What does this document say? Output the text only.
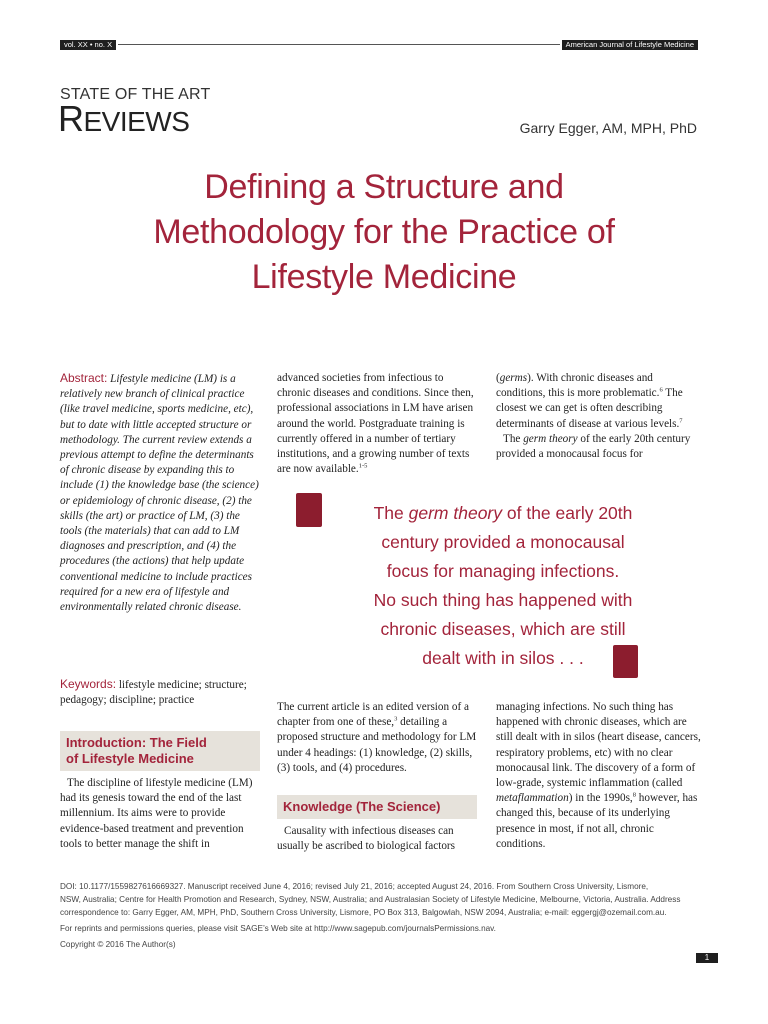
vol. XX • no. X	American Journal of Lifestyle Medicine
STATE OF THE ART
REVIEWS	Garry Egger, AM, MPH, PhD
Defining a Structure and
Methodology for the Practice of
Lifestyle Medicine
Abstract: Lifestyle medicine (LM) is a relatively new branch of clinical practice (like travel medicine, sports medicine, etc), but to date with little accepted structure or methodology. The current review extends a previous attempt to define the determinants of chronic disease by expanding this to include (1) the knowledge base (the science) or epidemiology of chronic disease, (2) the skills (the art) or practice of LM, (3) the tools (the materials) that can add to LM diagnoses and prescription, and (4) the procedures (the actions) that help update conventional medicine to include practices required for a new era of lifestyle and environmentally related chronic disease.
Keywords: lifestyle medicine; structure; pedagogy; discipline; practice
Introduction: The Field
of Lifestyle Medicine
The discipline of lifestyle medicine (LM) had its genesis toward the end of the last millennium. Its aims were to provide evidence-based treatment and prevention tools to better manage the shift in
advanced societies from infectious to chronic diseases and conditions. Since then, professional associations in LM have arisen around the world. Postgraduate training is currently offered in a number of tertiary institutions, and a growing number of texts are now available.$^{1-5}$
(germs). With chronic diseases and conditions, this is more problematic.$^6$ The closest we can get is often describing determinants of disease at various levels.$^7$
The germ theory of the early 20th century provided a monocausal focus for
The germ theory of the early 20th
century provided a monocausal
focus for managing infections.
No such thing has happened with
chronic diseases, which are still
dealt with in silos . . .
The current article is an edited version of a chapter from one of these,$^3$ detailing a proposed structure and methodology for LM under 4 headings: (1) knowledge, (2) skills, (3) tools, and (4) procedures.
Knowledge (The Science)
Causality with infectious diseases can usually be ascribed to biological factors
managing infections. No such thing has happened with chronic diseases, which are still dealt with in silos (heart disease, cancers, respiratory problems, etc) with no clear monocausal link. The discovery of a form of low-grade, systemic inflammation (called metaflammation) in the 1990s,$^8$ however, has changed this, because of its underlying presence in most, if not all, chronic conditions.
DOI: 10.1177/1559827616669327. Manuscript received June 4, 2016; revised July 21, 2016; accepted August 24, 2016. From Southern Cross University, Lismore,
NSW, Australia; Centre for Health Promotion and Research, Sydney, NSW, Australia; and Australasian Society of Lifestyle Medicine, Melbourne, Victoria, Australia. Address
correspondence to: Garry Egger, AM, MPH, PhD, Southern Cross University, Lismore, PO Box 313, Balgowlah, NSW 2094, Australia; e-mail: eggergj@ozemail.com.au.
For reprints and permissions queries, please visit SAGE’s Web site at http://www.sagepub.com/journalsPermissions.nav.
Copyright © 2016 The Author(s)
1
